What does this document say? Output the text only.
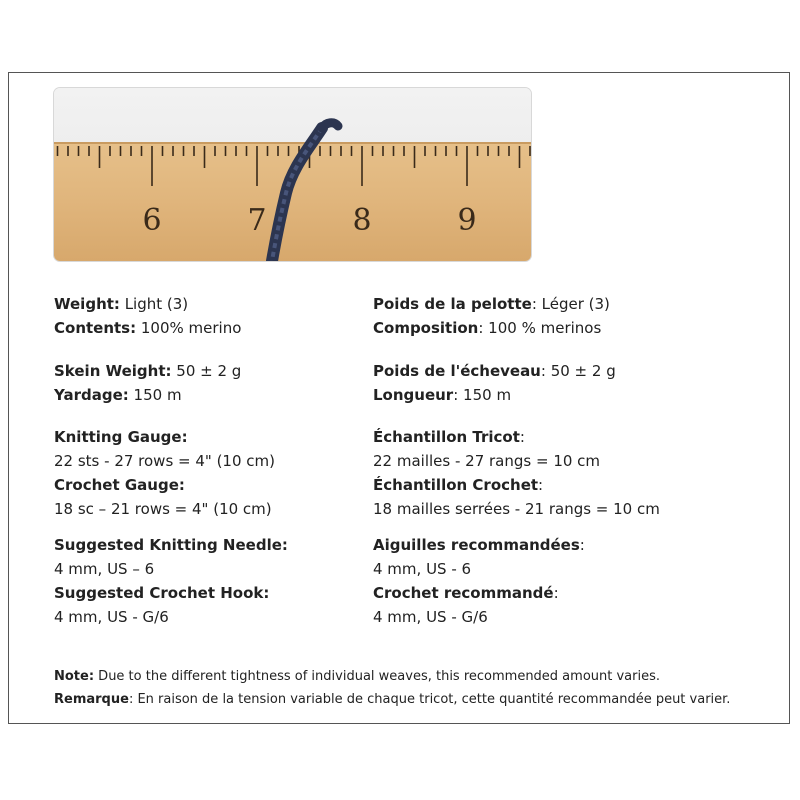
6	7	8	9
Weight: Light (3)
Contents: 100% merino
Skein Weight: 50 ± 2 g
Yardage: 150 m
Knitting Gauge:
22 sts - 27 rows = 4" (10 cm)
Crochet Gauge:
18 sc – 21 rows = 4" (10 cm)
Suggested Knitting Needle:
4 mm, US – 6
Suggested Crochet Hook:
4 mm, US - G/6
Poids de la pelotte: Léger (3)
Composition: 100 % merinos
Poids de l'écheveau: 50 ± 2 g
Longueur: 150 m
Échantillon Tricot:
22 mailles - 27 rangs = 10 cm
Échantillon Crochet:
18 mailles serrées - 21 rangs = 10 cm
Aiguilles recommandées:
4 mm, US - 6
Crochet recommandé:
4 mm, US - G/6
Note: Due to the different tightness of individual weaves, this recommended amount varies.
Remarque: En raison de la tension variable de chaque tricot, cette quantité recommandée peut varier.
